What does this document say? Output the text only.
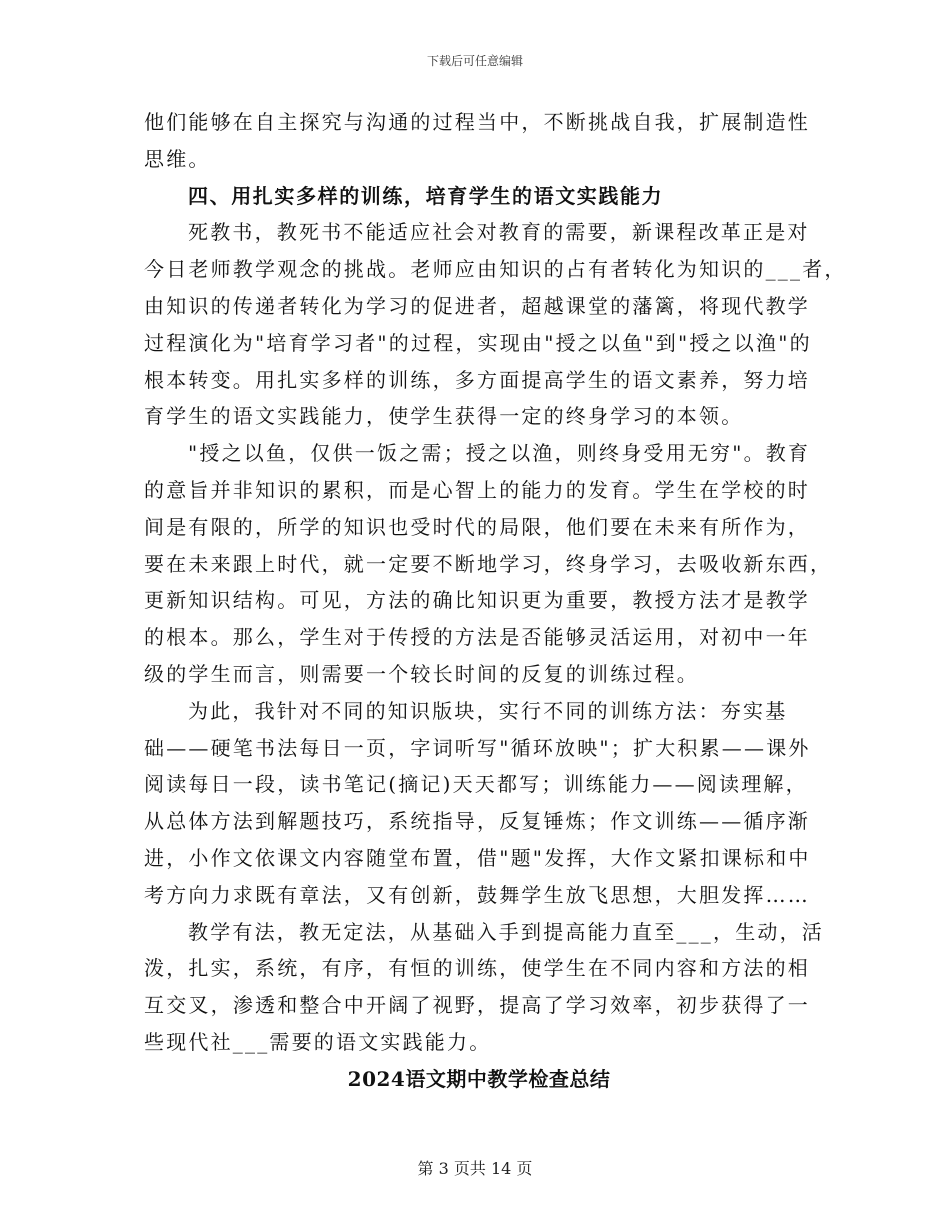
下载后可任意编辑

他们能够在自主探究与沟通的过程当中，不断挑战自我，扩展制造性
思维。

四、用扎实多样的训练，培育学生的语文实践能力

死教书，教死书不能适应社会对教育的需要，新课程改革正是对
今日老师教学观念的挑战。老师应由知识的占有者转化为知识的___者，
由知识的传递者转化为学习的促进者，超越课堂的藩篱，将现代教学
过程演化为"培育学习者"的过程，实现由"授之以鱼"到"授之以渔"的
根本转变。用扎实多样的训练，多方面提高学生的语文素养，努力培
育学生的语文实践能力，使学生获得一定的终身学习的本领。

"授之以鱼，仅供一饭之需；授之以渔，则终身受用无穷"。教育
的意旨并非知识的累积，而是心智上的能力的发育。学生在学校的时
间是有限的，所学的知识也受时代的局限，他们要在未来有所作为，
要在未来跟上时代，就一定要不断地学习，终身学习，去吸收新东西，
更新知识结构。可见，方法的确比知识更为重要，教授方法才是教学
的根本。那么，学生对于传授的方法是否能够灵活运用，对初中一年
级的学生而言，则需要一个较长时间的反复的训练过程。

为此，我针对不同的知识版块，实行不同的训练方法：夯实基
础——硬笔书法每日一页，字词听写"循环放映"；扩大积累——课外
阅读每日一段，读书笔记(摘记)天天都写；训练能力——阅读理解，
从总体方法到解题技巧，系统指导，反复锤炼；作文训练——循序渐
进，小作文依课文内容随堂布置，借"题"发挥，大作文紧扣课标和中
考方向力求既有章法，又有创新，鼓舞学生放飞思想，大胆发挥……

教学有法，教无定法，从基础入手到提高能力直至___，生动，活
泼，扎实，系统，有序，有恒的训练，使学生在不同内容和方法的相
互交叉，渗透和整合中开阔了视野，提高了学习效率，初步获得了一
些现代社___需要的语文实践能力。

2024语文期中教学检查总结

第 3 页共 14 页
